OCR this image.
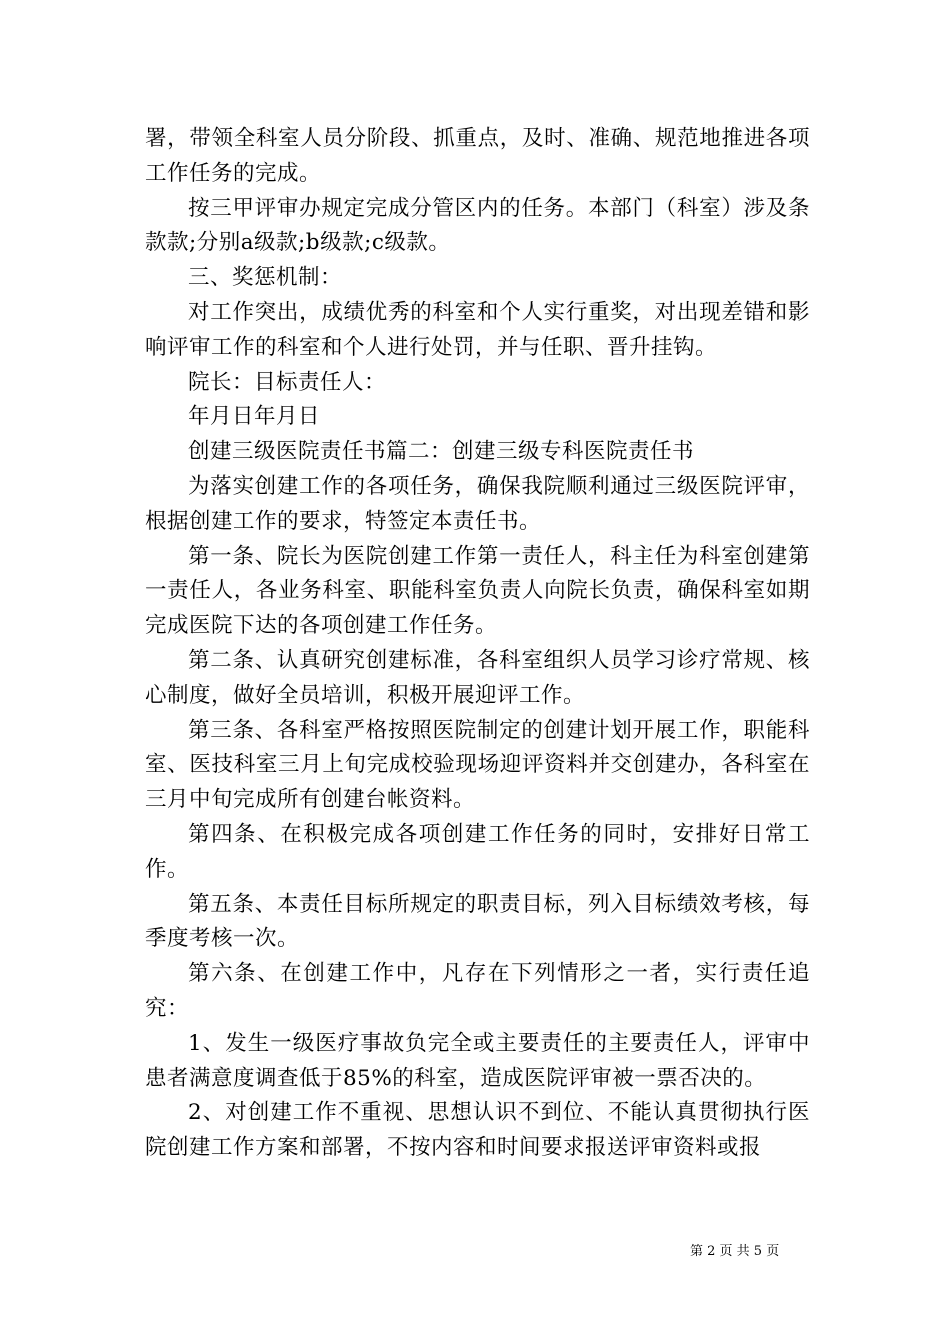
署，带领全科室人员分阶段、抓重点，及时、准确、规范地推进各项工作任务的完成。

按三甲评审办规定完成分管区内的任务。本部门（科室）涉及条款款;分别a级款;b级款;c级款。

三、奖惩机制：

对工作突出，成绩优秀的科室和个人实行重奖，对出现差错和影响评审工作的科室和个人进行处罚，并与任职、晋升挂钩。

院长：目标责任人：

年月日年月日

创建三级医院责任书篇二：创建三级专科医院责任书

为落实创建工作的各项任务，确保我院顺利通过三级医院评审，根据创建工作的要求，特签定本责任书。

第一条、院长为医院创建工作第一责任人，科主任为科室创建第一责任人，各业务科室、职能科室负责人向院长负责，确保科室如期完成医院下达的各项创建工作任务。

第二条、认真研究创建标准，各科室组织人员学习诊疗常规、核心制度，做好全员培训，积极开展迎评工作。

第三条、各科室严格按照医院制定的创建计划开展工作，职能科室、医技科室三月上旬完成校验现场迎评资料并交创建办，各科室在三月中旬完成所有创建台帐资料。

第四条、在积极完成各项创建工作任务的同时，安排好日常工作。

第五条、本责任目标所规定的职责目标，列入目标绩效考核，每季度考核一次。

第六条、在创建工作中，凡存在下列情形之一者，实行责任追究：

1、发生一级医疗事故负完全或主要责任的主要责任人，评审中患者满意度调查低于85%的科室，造成医院评审被一票否决的。

2、对创建工作不重视、思想认识不到位、不能认真贯彻执行医院创建工作方案和部署，不按内容和时间要求报送评审资料或报

第 2 页 共 5 页
